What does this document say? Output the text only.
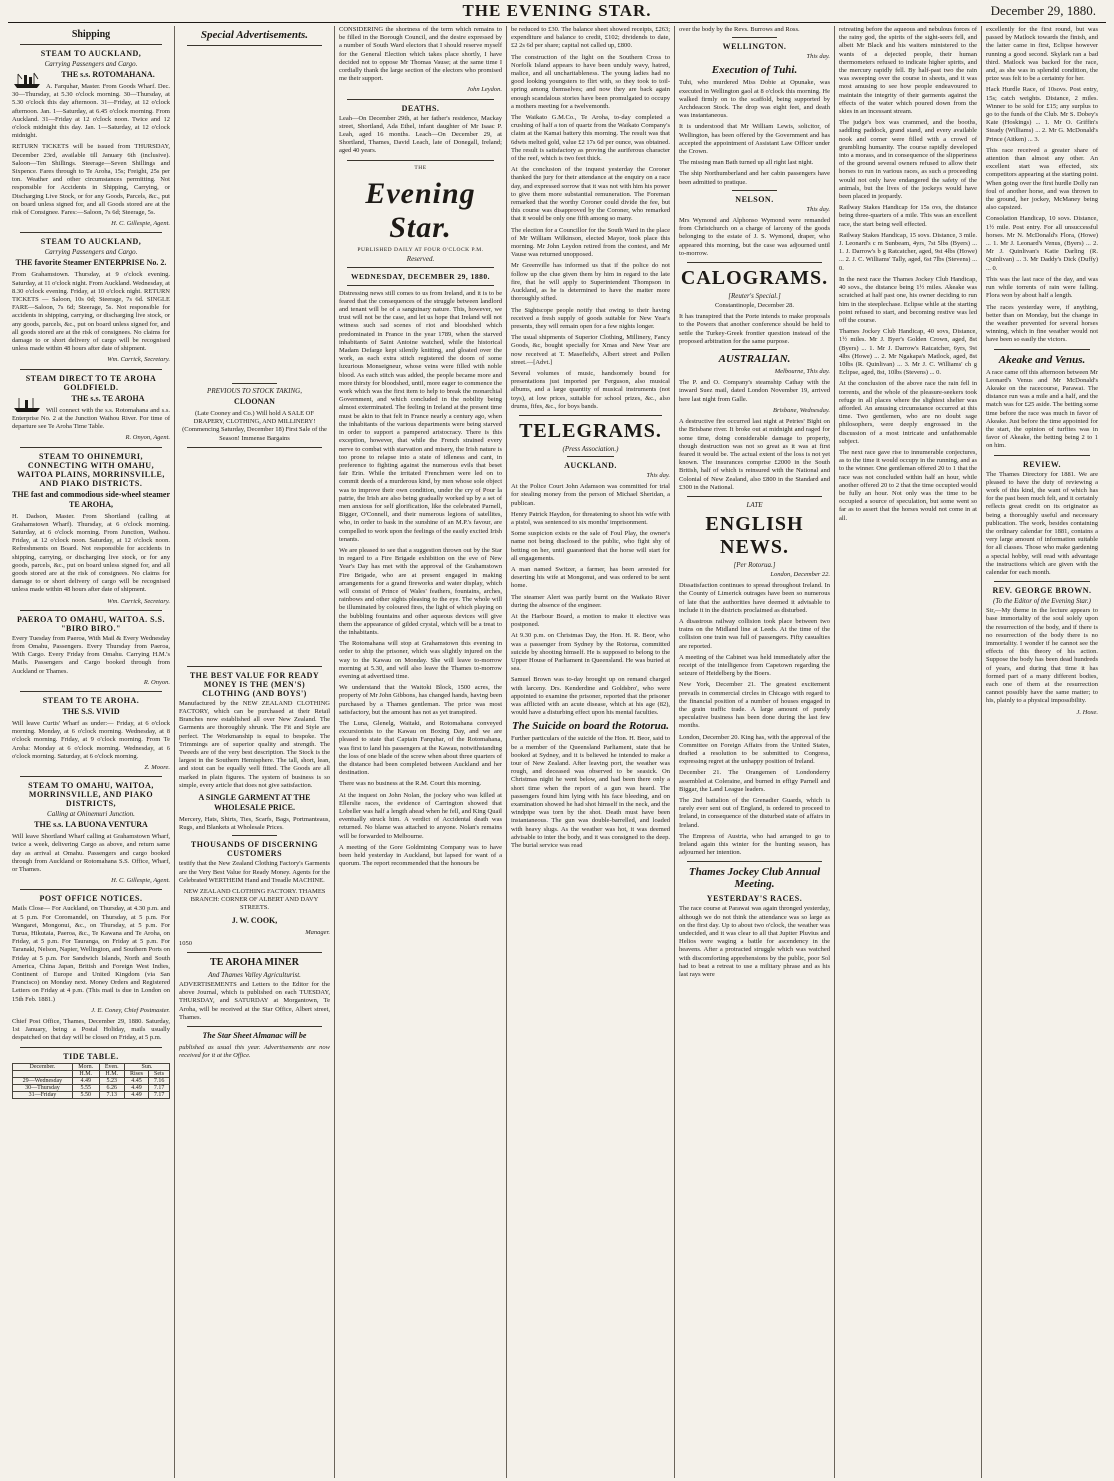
THE EVENING STAR.	December 29, 1880.
Shipping
STEAM TO AUCKLAND,
Carrying Passengers and Cargo.

THE s.s. ROTOMAHANA.

A. Farquhar, Master. From Goods Wharf. Dec. 30—Thursday, at 5.30 o'clock morning. 30—Thursday, at 5.30 o'clock this day afternoon. 31—Friday, at 12 o'clock afternoon. Jan. 1—Saturday, at 6.45 o'clock morning. From Auckland. 31—Friday at 12 o'clock noon. Twice and 12 o'clock midnight this day. Jan. 1—Saturday, at 12 o'clock midnight.

RETURN TICKETS will be issued from THURSDAY, December 23rd, available till January 6th (inclusive). Saloon—Ten Shillings. Steerage—Seven Shillings and Sixpence. Fares through to Te Aroha, 15s; Freight, 25s per ton. Weather and other circumstances permitting. Not responsible for Accidents in Shipping, Carrying, or Discharging Live Stock, or for any Goods, Parcels, &c., put on board unless signed for, and all Goods stored are at the risk of Consignee. Fares:—Saloon, 7s 6d; Steerage, 5s.

H. C. Gillespie, Agent.

STEAM TO AUCKLAND,
Carrying Passengers and Cargo.

THE favorite Steamer ENTERPRISE No. 2.

From Grahamstown. Thursday, at 9 o'clock evening. Saturday, at 11 o'clock night. From Auckland. Wednesday, at 8.30 o'clock evening. Friday, at 10 o'clock night. RETURN TICKETS — Saloon, 10s 0d; Steerage, 7s 6d. SINGLE FARE—Saloon, 7s 6d; Steerage, 5s. Not responsible for accidents in shipping, carrying, or discharging live stock, or any goods, parcels, &c., put on board unless signed for, and all goods stored are at the risk of consignees. No claims for damage to or short delivery of cargo will be recognised unless made within 48 hours after date of shipment.

Wm. Carrick, Secretary.

STEAM DIRECT TO TE AROHA GOLDFIELD.

THE s.s. TE AROHA

Will connect with the s.s. Rotomahana and s.s. Enterprise No. 2 at the Junction Waihou River. For time of departure see Te Aroha Time Table.

R. Onyon, Agent.

STEAM TO OHINEMURI, CONNECTING WITH OMAHU, WAITOA PLAINS, MORRINSVILLE, AND PIAKO DISTRICTS.

THE fast and commodious side-wheel steamer TE AROHA,

H. Dadson, Master. From Shortland (calling at Grahamstown Wharf). Thursday, at 6 o'clock morning. Saturday, at 6 o'clock morning. From Junction, Waihou. Friday, at 12 o'clock noon. Saturday, at 12 o'clock noon. Refreshments on Board. Not responsible for accidents in shipping, carrying, or discharging live stock, or for any goods, parcels, &c., put on board unless signed for, and all goods stored are at the risk of consignees. No claims for damage to or short delivery of cargo will be recognised unless made within 48 hours after date of shipment.

Wm. Carrick, Secretary.

PAEROA TO OMAHU, WAITOA. S.S. "BIRO BIRO."

Every Tuesday from Paeroa, With Mail & Every Wednesday from Omahu, Passengers. Every Thursday from Paeroa, With Cargo. Every Friday from Omahu. Carrying H.M.'s Mails. Passengers and Cargo booked through from Auckland or Thames.

R. Onyon.

STEAM TO TE AROHA.

THE S.S. VIVID

Will leave Curtis' Wharf as under:— Friday, at 6 o'clock morning. Monday, at 6 o'clock morning. Wednesday, at 8 o'clock morning. Friday, at 9 o'clock morning. From Te Aroha: Monday at 6 o'clock morning. Wednesday, at 6 o'clock morning. Saturday, at 6 o'clock morning.

Z. Moore.

STEAM TO OMAHU, WAITOA, MORRINSVILLE, AND PIAKO DISTRICTS,
Calling at Ohinemuri Junction.

THE s.s. LA BUONA VENTURA

Will leave Shortland Wharf calling at Grahamstown Wharf, twice a week, delivering Cargo as above, and return same day as arrival at Omahu. Passengers and cargo booked through from Auckland or Rotomahana S.S. Office, Wharf, or Thames.

H. C. Gillespie, Agent.

POST OFFICE NOTICES.

Mails Close— For Auckland, on Thursday, at 4.30 p.m. and at 5 p.m. For Coromandel, on Thursday, at 5 p.m. For Wangarei, Mongonui, &c., on Thursday, at 5 p.m. For Turua, Hikutaia, Paeroa, &c., Te Kawana and Te Aroha, on Friday, at 5 p.m. For Tauranga, on Friday at 5 p.m. For Taranaki, Nelson, Napier, Wellington, and Southern Ports on Friday at 5 p.m. For Sandwich Islands, North and South America, China Japan, British and Foreign West Indies, Continent of Europe and United Kingdom (via San Francisco) on Monday next. Money Orders and Registered Letters on Friday at 4 p.m. (This mail is due in London on 15th Feb. 1881.)

J. E. Coney, Chief Postmaster.

Chief Post Office, Thames, December 29, 1880. Saturday, 1st January, being a Postal Holiday, mails usually despatched on that day will be closed on Friday, at 5 p.m.

TIDE TABLE.
December.	Morn.	Even.	Sun.	
	H.M.	H.M.	Rises	Sets
29—Wednesday	4.49	5.23	4.45	7.16
30—Thursday	5.55	6.26	4.49	7.17
31—Friday	5.50	7.13	4.49	7.17
Special Advertisements.
PREVIOUS TO STOCK TAKING,

CLOONAN

(Late Cooney and Co.) Will hold A SALE OF DRAPERY, CLOTHING, AND MILLINERY! (Commencing Saturday, December 18) First Sale of the Season! Immense Bargains

THE BEST VALUE FOR READY MONEY IS THE (MEN'S) CLOTHING (AND BOYS')

Manufactured by the NEW ZEALAND CLOTHING FACTORY, which can be purchased at their Retail Branches now established all over New Zealand. The Garments are thoroughly shrunk. The Fit and Style are perfect. The Workmanship is equal to bespoke. The Trimmings are of superior quality and strength. The Tweeds are of the very best description. The Stock is the largest in the Southern Hemisphere. The tall, short, lean, and stout can be equally well fitted. The Goods are all marked in plain figures. The system of business is so simple, every article that does not give satisfaction.

A SINGLE GARMENT AT THE WHOLESALE PRICE.

Mercery, Hats, Shirts, Ties, Scarfs, Bags, Portmanteaus, Rugs, and Blankets at Wholesale Prices.

THOUSANDS OF DISCERNING CUSTOMERS

testify that the New Zealand Clothing Factory's Garments are the Very Best Value for Ready Money. Agents for the Celebrated WERTHEIM Hand and Treadle MACHINE.

NEW ZEALAND CLOTHING FACTORY. THAMES BRANCH: CORNER OF ALBERT AND DAVY STREETS.

J. W. COOK,

Manager.

1050

TE AROHA MINER
And Thames Valley Agriculturist.

ADVERTISEMENTS and Letters to the Editor for the above Journal, which is published on each TUESDAY, THURSDAY, and SATURDAY at Morgantown, Te Aroha, will be received at the Star Office, Albert street, Thames.

The Star Sheet Almanac will be

published as usual this year. Advertisements are now received for it at the Office.

CONSIDERING the shortness of the term which remains to be filled in the Borough Council, and the desire expressed by a number of South Ward electors that I should reserve myself for the General Election which takes place shortly, I have decided not to oppose Mr Thomas Vause; at the same time I cordially thank the large section of the electors who promised me their support.

John Leydon.

DEATHS.

Leah—On December 29th, at her father's residence, Mackay street, Shortland, Ada Ethel, infant daughter of Mr Isaac P. Leah, aged 16 months. Leach—On December 29, at Shortland, Thames, David Leach, late of Donegall, Ireland; aged 40 years.

THE
Evening Star.
PUBLISHED DAILY AT FOUR O'CLOCK P.M.
Reserved.
WEDNESDAY, DECEMBER 29, 1880.

Distressing news still comes to us from Ireland, and it is to be feared that the consequences of the struggle between landlord and tenant will be of a sanguinary nature. This, however, we trust will not be the case, and let us hope that Ireland will not witness such sad scenes of riot and bloodshed which predominated in France in the year 1789, when the starved inhabitants of Saint Antoine watched, while the historical Madam Defarge kept silently knitting, and gloated over the work, as each extra stitch registered the doom of some luxurious Monseigneur, whose veins were filled with noble blood. As each stitch was added, the people became more and more thirsty for bloodshed, until, more eager to commence the work which was the first item to help to break the monarchial Government, and which concluded in the nobility being almost exterminated. The feeling in Ireland at the present time must be akin to that felt in France nearly a century ago, when the inhabitants of the various departments were being starved in order to support a pampered aristocracy. There is this exception, however, that while the French strained every nerve to combat with starvation and misery, the Irish nature is too prone to relapse into a state of idleness and cant, in preference to fighting against the numerous evils that beset fair Erin. While the irritated Frenchmen were led on to commit deeds of a murderous kind, by men whose sole object was to improve their own condition, under the cry of Pour la patrie, the Irish are also being gradually worked up by a set of men anxious for self glorification, like the celebrated Parnell, Bigger, O'Connell, and their numerous legions of satellites, who, in order to bask in the sunshine of an M.P.'s favour, are compelled to work upon the feelings of the easily excited Irish tenants.

We are pleased to see that a suggestion thrown out by the Star in regard to a Fire Brigade exhibition on the eve of New Year's Day has met with the approval of the Grahamstown Fire Brigade, who are at present engaged in making arrangements for a grand fireworks and water display, which will consist of Prince of Wales' feathers, fountains, arches, rainbows and other sights pleasing to the eye. The whole will be illuminated by coloured fires, the light of which playing on the bubbling fountains and other aqueous devices will give them the appearance of gilded crystal, which will be a treat to the inhabitants.

The Rotomahana will stop at Grahamstown this evening in order to ship the prisoner, which was slightly injured on the way to the Kawau on Monday. She will leave to-morrow morning at 5.30, and will also leave the Thames to-morrow evening at advertised time.

We understand that the Waitoki Block, 1500 acres, the property of Mr John Gibbons, has changed hands, having been purchased by a Thames gentleman. The price was most satisfactory, but the amount has not as yet transpired.

The Luna, Glenelg, Waitaki, and Rotomahana conveyed excursionists to the Kawau on Boxing Day, and we are pleased to state that Captain Farquhar, of the Rotomahana, was first to land his passengers at the Kawau, notwithstanding the loss of one blade of the screw when about three quarters of the distance had been completed between Auckland and her destination.

There was no business at the R.M. Court this morning.

At the inquest on John Nolan, the jockey who was killed at Ellerslie races, the evidence of Carrington showed that Lobeller was half a length ahead when he fell, and King Quail eventually struck him. A verdict of Accidental death was returned. No blame was attached to anyone. Nolan's remains will be forwarded to Melbourne.

A meeting of the Gore Goldmining Company was to have been held yesterday in Auckland, but lapsed for want of a quorum. The report recommended that the honours be

be reduced to £30. The balance sheet showed receipts, £263; expenditure and balance to credit, £102; dividends to date, £2 2s 6d per share; capital not called up, £800.

The construction of the light on the Southern Cross to Norfolk Island appears to have been unduly wavy, hatred, malice, and all uncharitableness. The young ladies had no good looking youngsters to flirt with, so they took to toil-spring among themselves; and now they are back again enough scandalous stories have been promulgated to occupy a mothers meeting for a twelvemonth.

The Waikato G.M.Co., Te Aroha, to-day completed a crushing of half a ton of quartz from the Waikato Company's claim at the Kamai battery this morning. The result was that 6dwts melted gold, value £2 17s 6d per ounce, was obtained. The result is satisfactory as proving the auriferous character of the reef, which is two feet thick.

At the conclusion of the inquest yesterday the Coroner thanked the jury for their attendance at the enquiry on a race day, and expressed sorrow that it was not with him his power to give them more substantial remuneration. The Foreman remarked that the worthy Coroner could divide the fee, but this course was disapproved by the Coroner, who remarked that it would be only one fifth among so many.

The election for a Councillor for the South Ward in the place of Mr William Wilkinson, elected Mayor, took place this morning. Mr John Leydon retired from the contest, and Mr Vause was returned unopposed.

Mr Greenville has informed us that if the police do not follow up the clue given them by him in regard to the late fire, that he will apply to Superintendent Thompson in Auckland, as he is determined to have the matter more thoroughly sifted.

The Sightscope people notify that owing to their having received a fresh supply of goods suitable for New Year's presents, they will remain open for a few nights longer.

The usual shipments of Superior Clothing, Millinery, Fancy Goods, &c, bought specially for Xmas and New Year are now received at T. Masefield's, Albert street and Pollen street.—[Advt.]

Several volumes of music, handsomely bound for presentations just imported per Ferguson, also musical albums, and a large quantity of musical instruments (not toys), at low prices, suitable for school prizes, &c., also drums, fifes, &c., for boys bands.

TELEGRAMS.
(Press Association.)
AUCKLAND.

This day.

At the Police Court John Adamson was committed for trial for stealing money from the person of Michael Sheridan, a publican.

Henry Patrick Haydon, for threatening to shoot his wife with a pistol, was sentenced to six months' imprisonment.

Some suspicion exists re the sale of Foul Play, the owner's name not being disclosed to the public, who fight shy of betting on her, until guaranteed that the horse will start for all engagements.

A man named Switzer, a farmer, has been arrested for deserting his wife at Mongonui, and was ordered to be sent home.

The steamer Alert was partly burnt on the Waikato River during the absence of the engineer.

At the Harbour Board, a motion to make it elective was postponed.

At 9.30 p.m. on Christmas Day, the Hon. H. R. Beor, who was a passenger from Sydney by the Rotorua, committed suicide by shooting himself. He is supposed to belong to the Upper House of Parliament in Queensland. He was buried at sea.

Samuel Brown was to-day brought up on remand charged with larceny. Drs. Kenderdine and Goldsbro', who were appointed to examine the prisoner, reported that the prisoner was afflicted with an acute disease, which at his age (82), would have a disturbing effect upon his mental faculties.

The Suicide on board the Rotorua.

Further particulars of the suicide of the Hon. H. Beor, said to be a member of the Queensland Parliament, state that he booked at Sydney, and it is believed he intended to make a tour of New Zealand. After leaving port, the weather was rough, and deceased was observed to be seasick. On Christmas night he went below, and had been there only a short time when the report of a gun was heard. The passengers found him lying with his face bleeding, and on examination showed he had shot himself in the neck, and the windpipe was torn by the shot. Death must have been instantaneous. The gun was double-barrelled, and loaded with heavy slugs. As the weather was hot, it was deemed advisable to inter the body, and it was consigned to the deep. The burial service was read

over the body by the Revs. Burrows and Ross.

WELLINGTON.

This day.

Execution of Tuhi.

Tuhi, who murdered Miss Dobie at Opunake, was executed in Wellington gaol at 8 o'clock this morning. He walked firmly on to the scaffold, being supported by Archdeacon Stock. The drop was eight feet, and death was instantaneous.

It is understood that Mr William Lewis, solicitor, of Wellington, has been offered by the Government and has accepted the appointment of Assistant Law Officer under the Crown.

The missing man Bath turned up all right last night.

The ship Northumberland and her cabin passengers have been admitted to pratique.

NELSON.

This day.

Mrs Wymond and Alphonso Wymond were remanded from Christchurch on a charge of larceny of the goods belonging to the estate of J. S. Wymond, draper, who appeared this morning, but the case was adjourned until to-morrow.

CALOGRAMS.
[Reuter's Special.]

Constantinople, December 28.

It has transpired that the Porte intends to make proposals to the Powers that another conference should be held to settle the Turkey-Greek frontier question instead of the proposed arbitration for the same purpose.

AUSTRALIAN.

Melbourne, This day.

The P. and O. Company's steamship Cathay with the inward Suez mail, dated London November 19, arrived here last night from Galle.

Brisbane, Wednesday.

A destructive fire occurred last night at Petries' Bight on the Brisbane river. It broke out at midnight and raged for some time, doing considerable damage to property, though destruction was not so great as it was at first feared it would be. The actual extent of the loss is not yet known. The insurances comprise £2000 in the South British, half of which is reinsured with the National and Colonial of New Zealand, also £800 in the Standard and £300 in the National.

LATE
ENGLISH NEWS.
[Per Rotorua.]

London, December 22.

Dissatisfaction continues to spread throughout Ireland. In the County of Limerick outrages have been so numerous of late that the authorities have deemed it advisable to include it in the districts proclaimed as disturbed.

A disastrous railway collision took place between two trains on the Midland line at Leeds. At the time of the collision one train was full of passengers. Fifty casualties are reported.

A meeting of the Cabinet was held immediately after the receipt of the intelligence from Capetown regarding the seizure of Heidelberg by the Boers.

New York, December 21. The greatest excitement prevails in commercial circles in Chicago with regard to the financial position of a number of houses engaged in the grain traffic trade. A large amount of purely speculative business has been done during the last few months.

London, December 20. King has, with the approval of the Committee on Foreign Affairs from the United States, drafted a resolution to be submitted to Congress, expressing regret at the unhappy position of Ireland.

December 21. The Orangemen of Londonderry assembled at Coleraine, and burned in effigy Parnell and Biggar, the Land League leaders.

The 2nd battalion of the Grenadier Guards, which is rarely ever sent out of England, is ordered to proceed to Ireland, in consequence of the disturbed state of affairs in Ireland.

The Empress of Austria, who had arranged to go to Ireland again this winter for the hunting season, has adjourned her intention.

Thames Jockey Club Annual Meeting.
YESTERDAY'S RACES.

The race course at Parawai was again thronged yesterday, although we do not think the attendance was so large as on the first day. Up to about two o'clock, the weather was undecided, and it was clear to all that Jupiter Pluvius and Helios were waging a battle for ascendency in the heavens. After a protracted struggle which was watched with discomforting apprehensions by the public, poor Sol had to beat a retreat to use a military phrase and as his last rays were

retreating before the aqueous and nebulous forces of the rainy god, the spirits of the sight-seers fell, and albeit Mr Black and his waiters ministered to the wants of a dejected people, their human thermometers refused to indicate higher spirits, and the mercury rapidly fell. By half-past two the rain was sweeping over the course in sheets, and it was most amusing to see how people endeavoured to maintain the integrity of their garments against the effects of the water which poured down from the skies in an incessant stream.

The judge's box was crammed, and the booths, saddling paddock, grand stand, and every available nook and corner were filled with a crowd of grumbling humanity. The course rapidly developed into a morass, and in consequence of the slipperiness of the ground several owners refused to allow their horses to run in various races, as such a proceeding would not only have endangered the safety of the animals, but the lives of the jockeys would have been placed in jeopardy.

Railway Stakes Handicap for 15s ovs, the distance being three-quarters of a mile. This was an excellent race, the start being well effected.

Railway Stakes Handicap, 15 sovs. Distance, 3 mile. J. Leonard's c m Sunbeam, 4yrs, 7st 5lbs (Byers) ... 1. J. Darrow's b g Ratcatcher, aged, 9st 4lbs (Howe) ... 2. J. C. Williams' Tally, aged, 6st 7lbs (Stevens) ... 0.

In the next race the Thames Jockey Club Handicap, 40 sovs., the distance being 1½ miles. Akeake was scratched at half past one, his owner deciding to run him in the steeplechase. Eclipse while at the starting point refused to start, and becoming restive was led off the course.

Thames Jockey Club Handicap, 40 sovs, Distance, 1½ miles. Mr J. Byer's Golden Crown, aged, 8st (Byers) ... 1. Mr J. Darrow's Ratcatcher, 6yrs, 9st 4lbs (Howe) ... 2. Mr Ngakapa's Matlock, aged, 8st 10lbs (R. Quinlivan) ... 3. Mr J. C. Williams' ch g Eclipse, aged, 8st, 10lbs (Stevens) ... 0.

At the conclusion of the above race the rain fell in torrents, and the whole of the pleasure-seekers took refuge in all places where the slightest shelter was afforded. An amusing circumstance occurred at this time. Two gentlemen, who are no doubt sage philosophers, were deeply engrossed in the discussion of a most intricate and unfathomable subject.

The next race gave rise to innumerable conjectures, as to the time it would occupy in the running, and as to the winner. One gentleman offered 20 to 1 that the race was not concluded within half an hour, while another offered 20 to 2 that the time occupied would be fully an hour. Not only was the time to be occupied a source of speculation, but some went so far as to assert that the horses would not come in at all.

excellently for the first round, but was passed by Matlock towards the finish, and the latter came in first, Eclipse however running a good second. Skylark ran a bad third. Matlock was backed for the race, and, as she was in splendid condition, the prize was felt to be a certainty for her.

Hack Hurdle Race, of 10sovs. Post entry, 15s; catch weights. Distance, 2 miles. Winner to be sold for £15; any surplus to go to the funds of the Club. Mr S. Dobey's Kate (Hoskings) ... 1. Mr O. Griffin's Steady (Williams) ... 2. Mr G. McDonald's Prince (Aitken) ... 3.

This race received a greater share of attention than almost any other. An excellent start was effected, six competitors appearing at the starting point. When going over the first hurdle Dolly ran foul of another horse, and was thrown to the ground, her jockey, McManey being also capsized.

Consolation Handicap, 10 sovs. Distance, 1½ mile. Post entry. For all unsuccessful horses. Mr N. McDonald's Flora, (Howe) ... 1. Mr J. Leonard's Venus, (Byers) ... 2. Mr J. Quinlivan's Katie Darling (R. Quinlivan) ... 3. Mr Daddy's Dick (Duffy) ... 0.

This was the last race of the day, and was run while torrents of rain were falling. Flora won by about half a length.

The races yesterday were, if anything, better than on Monday, but the change in the weather prevented for several horses winning, which in fine weather would not have been so easily the victors.

Akeake and Venus.

A race came off this afternoon between Mr Leonard's Venus and Mr McDonald's Akeake on the racecourse, Parawai. The distance run was a mile and a half, and the match was for £25 aside. The betting some time before the race was much in favor of Akeake. Just before the time appointed for the start, the opinion of turfites was in favor of Akeake, the betting being 2 to 1 on him.

REVIEW.

The Thames Directory for 1881. We are pleased to have the duty of reviewing a work of this kind, the want of which has for the past been much felt, and it certainly reflects great credit on its originator as being a thoroughly useful and necessary publication. The work, besides containing the ordinary calendar for 1881, contains a very large amount of information suitable for all classes. Those who make gardening a special hobby, will read with advantage the instructions which are given with the calendar for each month.

REV. GEORGE BROWN.
(To the Editor of the Evening Star.)

Sir,—My theme in the lecture appears to base immortality of the soul solely upon the resurrection of the body, and if there is no resurrection of the body there is no immortality. I wonder if he cannot see the effects of this theory of his action. Suppose the body has been dead hundreds of years, and during that time it has formed part of a many different bodies, each one of them at the resurrection cannot possibly have the same matter; to his, plainly to a physical impossibility.

J. Hoxe.
